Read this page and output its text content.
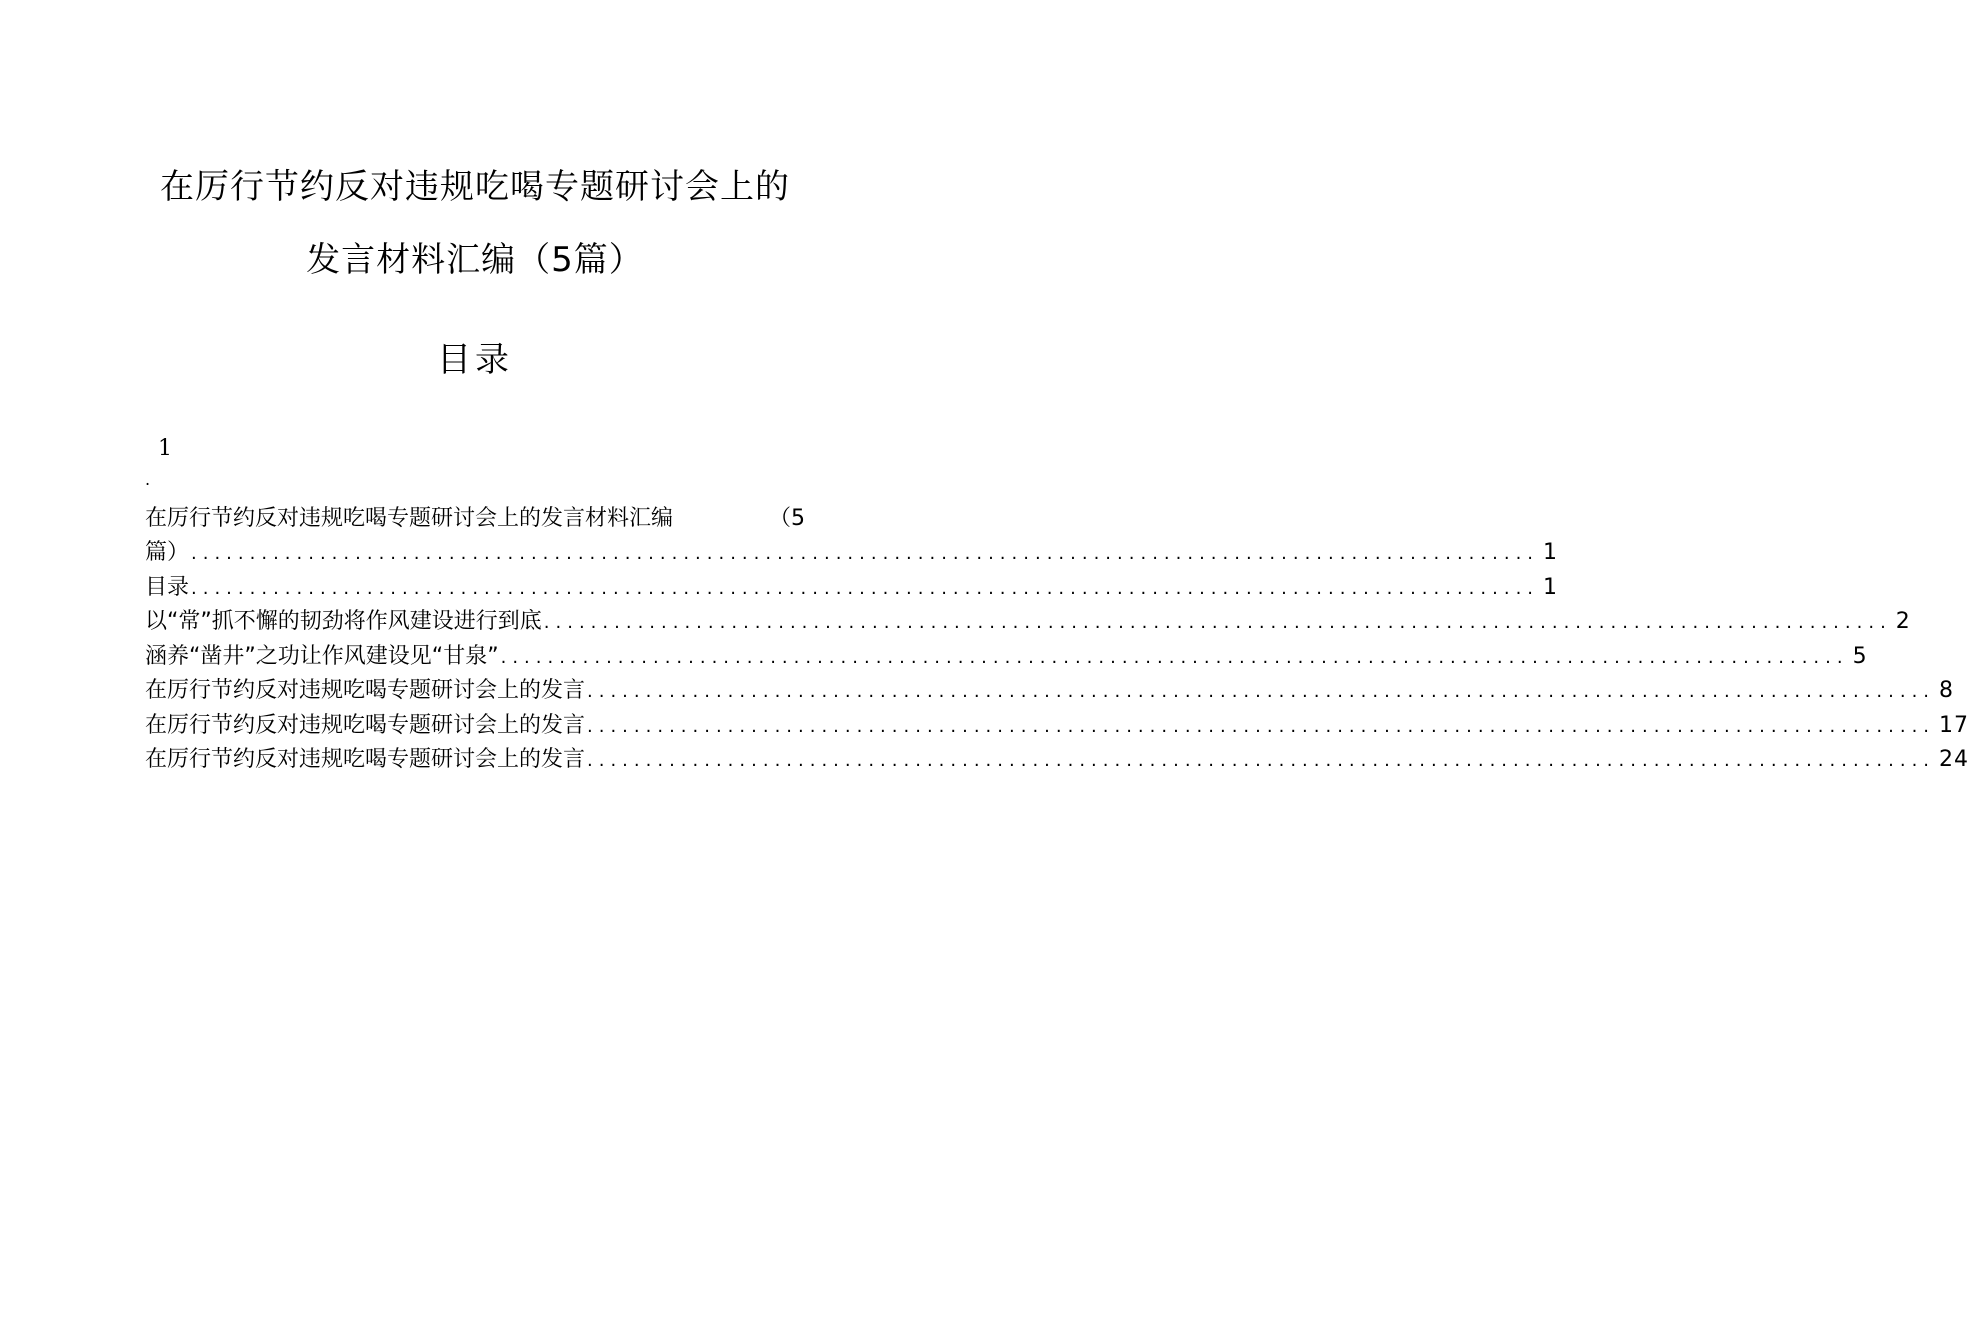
在厉行节约反对违规吃喝专题研讨会上的
发言材料汇编（5篇）
目录
1
.
在厉行节约反对违规吃喝专题研讨会上的发言材料汇编	（5
篇） ................................................................................................................... 1
目录 ................................................................................................................... 1
以“常”抓不懈的韧劲将作风建设进行到底 ................................................................................................................... 2
涵养“凿井”之功让作风建设见“甘泉” ................................................................................................................... 5
在厉行节约反对违规吃喝专题研讨会上的发言 ................................................................................................................... 8
在厉行节约反对违规吃喝专题研讨会上的发言 ................................................................................................................... 17
在厉行节约反对违规吃喝专题研讨会上的发言 ................................................................................................................... 24
